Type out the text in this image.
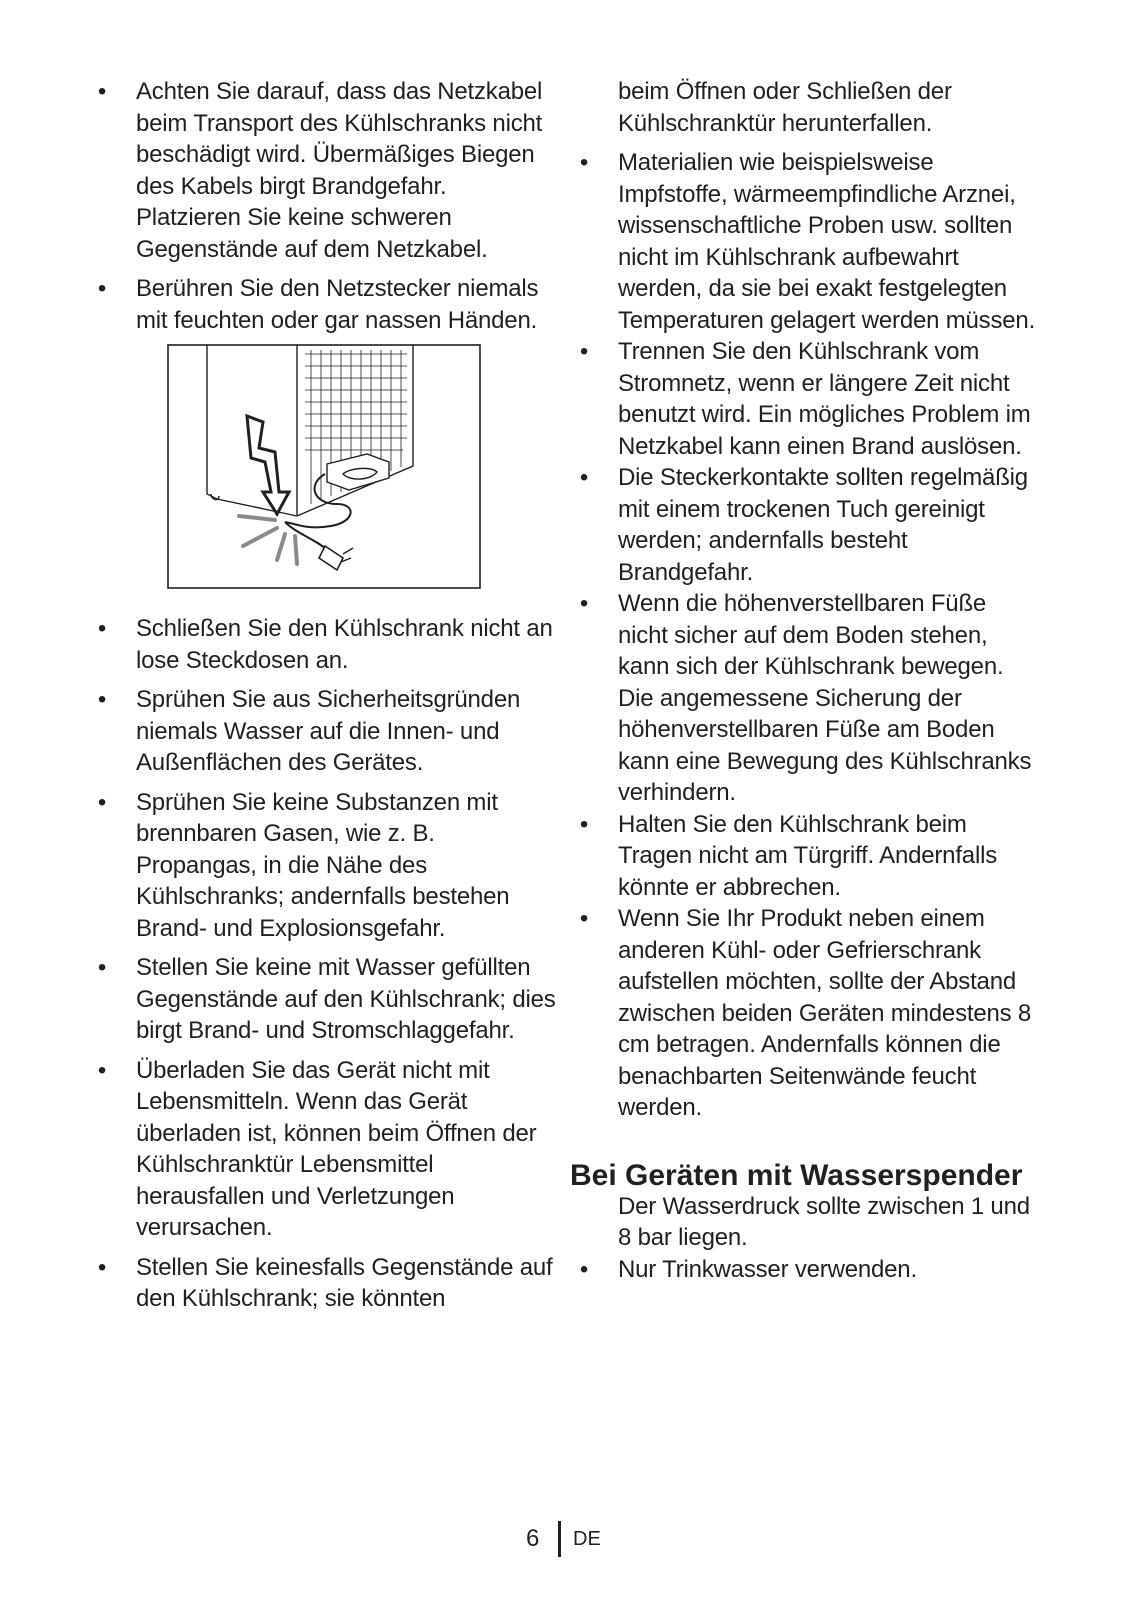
• Achten Sie darauf, dass das Netzkabel beim Transport des Kühlschranks nicht beschädigt wird. Übermäßiges Biegen des Kabels birgt Brandgefahr. Platzieren Sie keine schweren Gegenstände auf dem Netzkabel.
• Berühren Sie den Netzstecker niemals mit feuchten oder gar nassen Händen.
• Schließen Sie den Kühlschrank nicht an lose Steckdosen an.
• Sprühen Sie aus Sicherheitsgründen niemals Wasser auf die Innen- und Außenflächen des Gerätes.
• Sprühen Sie keine Substanzen mit brennbaren Gasen, wie z. B. Propangas, in die Nähe des Kühlschranks; andernfalls bestehen Brand- und Explosionsgefahr.
• Stellen Sie keine mit Wasser gefüllten Gegenstände auf den Kühlschrank; dies birgt Brand- und Stromschlaggefahr.
• Überladen Sie das Gerät nicht mit Lebensmitteln. Wenn das Gerät überladen ist, können beim Öffnen der Kühlschranktür Lebensmittel herausfallen und Verletzungen verursachen.
• Stellen Sie keinesfalls Gegenstände auf den Kühlschrank; sie könnten
beim Öffnen oder Schließen der Kühlschranktür herunterfallen.
• Materialien wie beispielsweise Impfstoffe, wärmeempfindliche Arznei, wissenschaftliche Proben usw. sollten nicht im Kühlschrank aufbewahrt werden, da sie bei exakt festgelegten Temperaturen gelagert werden müssen.
• Trennen Sie den Kühlschrank vom Stromnetz, wenn er längere Zeit nicht benutzt wird. Ein mögliches Problem im Netzkabel kann einen Brand auslösen.
• Die Steckerkontakte sollten regelmäßig mit einem trockenen Tuch gereinigt werden; andernfalls besteht Brandgefahr.
• Wenn die höhenverstellbaren Füße nicht sicher auf dem Boden stehen, kann sich der Kühlschrank bewegen. Die angemessene Sicherung der höhenverstellbaren Füße am Boden kann eine Bewegung des Kühlschranks verhindern.
• Halten Sie den Kühlschrank beim Tragen nicht am Türgriff. Andernfalls könnte er abbrechen.
• Wenn Sie Ihr Produkt neben einem anderen Kühl- oder Gefrierschrank aufstellen möchten, sollte der Abstand zwischen beiden Geräten mindestens 8 cm betragen. Andernfalls können die benachbarten Seitenwände feucht werden.
Bei Geräten mit Wasserspender
Der Wasserdruck sollte zwischen 1 und 8 bar liegen.
• Nur Trinkwasser verwenden.
6 DE
